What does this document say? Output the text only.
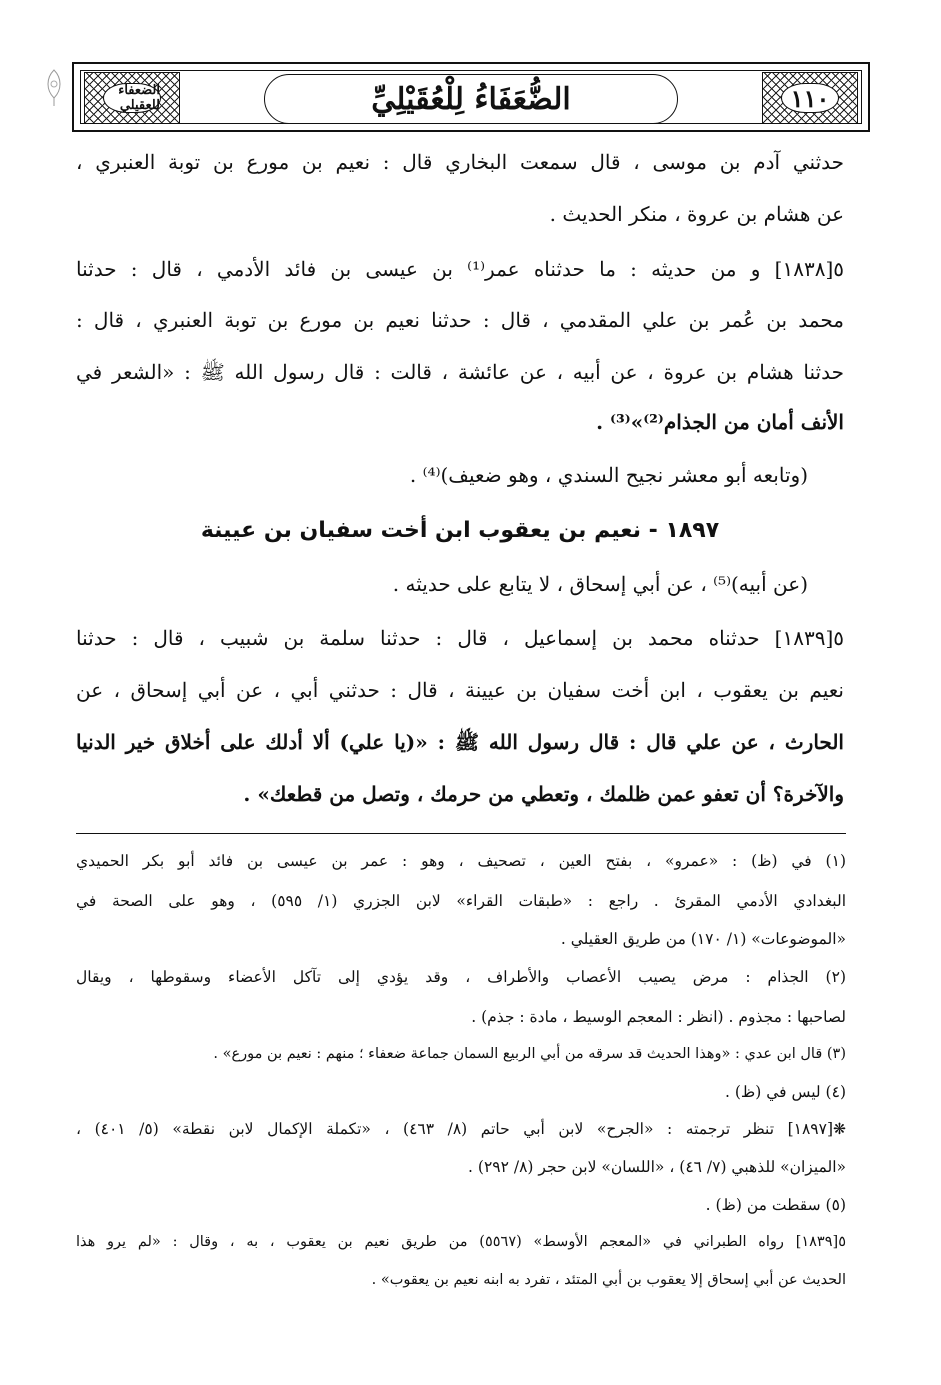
الضعفاء للعقيلي	الضُّعَفَاءُ لِلْعُقَيْلِيِّ	١١٠
حدثني آدم بن موسى ، قال سمعت البخاري قال : نعيم بن مورع بن توبة العنبري ،
عن هشام بن عروة ، منكر الحديث .
٥[١٨٣٨] و من حديثه : ما حدثناه عمر⁽¹⁾ بن عيسى بن فائد الأدمي ، قال : حدثنا
محمد بن عُمر بن علي المقدمي ، قال : حدثنا نعيم بن مورع بن توبة العنبري ، قال :
حدثنا هشام بن عروة ، عن أبيه ، عن عائشة ، قالت : قال رسول الله ﷺ : «الشعر في
الأنف أمان من الجذام⁽²⁾»⁽³⁾ .
(وتابعه أبو معشر نجيح السندي ، وهو ضعيف)⁽⁴⁾ .
١٨٩٧ - نعيم بن يعقوب ابن أخت سفيان بن عيينة
(عن أبيه)⁽⁵⁾ ، عن أبي إسحاق ، لا يتابع على حديثه .
٥[١٨٣٩] حدثناه محمد بن إسماعيل ، قال : حدثنا سلمة بن شبيب ، قال : حدثنا
نعيم بن يعقوب ، ابن أخت سفيان بن عيينة ، قال : حدثني أبي ، عن أبي إسحاق ، عن
الحارث ، عن علي قال : قال رسول الله ﷺ : «(يا علي) ألا أدلك على أخلاق خير الدنيا
والآخرة؟ أن تعفو عمن ظلمك ، وتعطي من حرمك ، وتصل من قطعك» .
(١) في (ظ) : «عمرو» ، بفتح العين ، تصحيف ، وهو : عمر بن عيسى بن فائد أبو بكر الحميدي
البغدادي الأدمي المقرئ . راجع : «طبقات القراء» لابن الجزري (١/ ٥٩٥) ، وهو على الصحة في
«الموضوعات» (١/ ١٧٠) من طريق العقيلي .
(٢) الجذام : مرض يصيب الأعصاب والأطراف ، وقد يؤدي إلى تآكل الأعضاء وسقوطها ، ويقال
لصاحبها : مجذوم . (انظر : المعجم الوسيط ، مادة : جذم) .
(٣) قال ابن عدي : «وهذا الحديث قد سرقه من أبي الربيع السمان جماعة ضعفاء ؛ منهم : نعيم بن مورع» .
(٤) ليس في (ظ) .
❋[١٨٩٧] تنظر ترجمته : «الجرح» لابن أبي حاتم (٨/ ٤٦٣) ، «تكملة الإكمال لابن نقطة» (٥/ ٤٠١) ،
«الميزان» للذهبي (٧/ ٤٦) ، «اللسان» لابن حجر (٨/ ٢٩٢) .
(٥) سقطت من (ظ) .
٥[١٨٣٩] رواه الطبراني في «المعجم الأوسط» (٥٥٦٧) من طريق نعيم بن يعقوب ، به ، وقال : «لم يرو هذا
الحديث عن أبي إسحاق إلا يعقوب بن أبي المتئد ، تفرد به ابنه نعيم بن يعقوب» .
